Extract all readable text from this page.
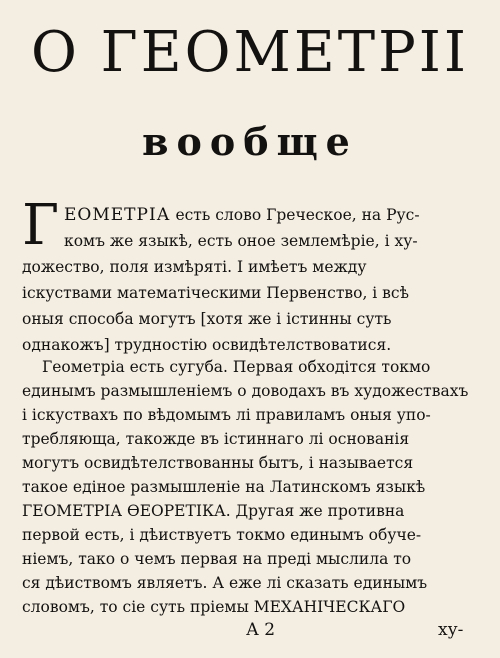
О ГЕОМЕТРІІ
вообще
Г ЕОМЕТРІА есть слово Греческое, на Рус-
комъ же языкѣ, есть оное землемѣріе, і ху-
дожество, поля измѣряті. І имѣетъ между
іскуствами математіческими Первенство, і всѣ
оныя способа могутъ [хотя же і істинны суть
однакожъ] трудностію освидѣтелствоватися.
Геометріа есть сугуба. Первая обходітся токмо
единымъ размышленіемъ о доводахъ въ художествахъ
і іскуствахъ по вѣдомымъ лі правиламъ оныя упо-
требляюща, такожде въ істиннаго лі основанія
могутъ освидѣтелствованны бытъ, і называется
такое едіное размышленіе на Латинскомъ языкѣ
ГЕОМЕТРІА ѲЕОРЕТІКА. Другая же противна
первой есть, і дѣиствуетъ токмо единымъ обуче-
ніемъ, тако о чемъ первая на преді мыслила то
ся дѣиствомъ являетъ. А еже лі сказать единымъ
А 2	ху-
словомъ, то сіе суть пріемы МЕХАНІЧЕСКАГО
